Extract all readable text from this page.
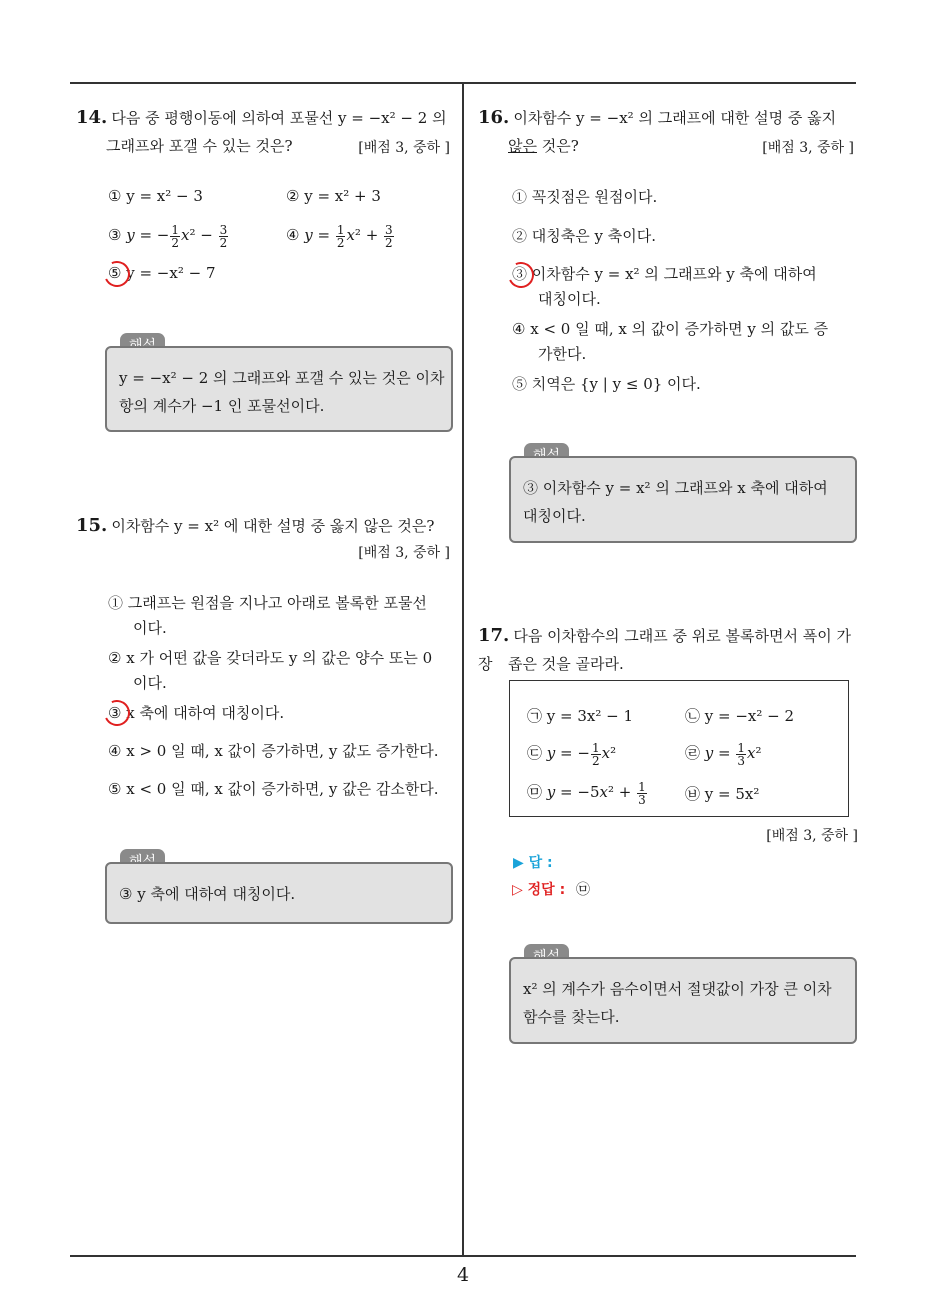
4
14. 다음 중 평행이동에 의하여 포물선 y = −x² − 2 의
그래프와 포갤 수 있는 것은?	[배점 3, 중하 ]
① y = x² − 3	② y = x² + 3
③ y = − $\frac{1}{2} x^2 - \frac{3}{2}$	④ $y = \frac{1}{2} x^2 + \frac{3}{2}$
⑤ y = −x² − 7
y = −x² − 2 의 그래프와 포갤 수 있는 것은 이차
항의 계수가 −1 인 포물선이다.
15. 이차함수 y = x² 에 대한 설명 중 옳지 않은 것은?
[배점 3, 중하 ]
① 그래프는 원점을 지나고 아래로 볼록한 포물선
이다.
② x 가 어떤 값을 갖더라도 y 의 값은 양수 또는 0
이다.
③ x 축에 대하여 대칭이다.
④ x > 0 일 때, x 값이 증가하면, y 값도 증가한다.
⑤ x < 0 일 때, x 값이 증가하면, y 값은 감소한다.
③ y 축에 대하여 대칭이다.
16. 이차함수 y = −x² 의 그래프에 대한 설명 중 옳지
않은 것은?	[배점 3, 중하 ]
① 꼭짓점은 원점이다.
② 대칭축은 y 축이다.
③ 이차함수 y = x² 의 그래프와 y 축에 대하여
대칭이다.
④ x < 0 일 때, x 의 값이 증가하면 y 의 값도 증
가한다.
⑤ 치역은 {y | y ≤ 0} 이다.
③ 이차함수 y = x² 의 그래프와 x 축에 대하여
대칭이다.
17. 다음 이차함수의 그래프 중 위로 볼록하면서 폭이 가장	좁은 것을 골라라.
㉠ y = 3x² − 1	㉡ y = −x² − 2
㉢ y = − $\frac{1}{2} x^2$	㉣ $y = \frac{1}{3} x^2$
㉤ $y = -5x^2 + \frac{1}{3}$	㉥ y = 5x²
[배점 3, 중하 ]
▶ 답 :
▷ 정답 : ㉤
x² 의 계수가 음수이면서 절댓값이 가장 큰 이차
함수를 찾는다.
